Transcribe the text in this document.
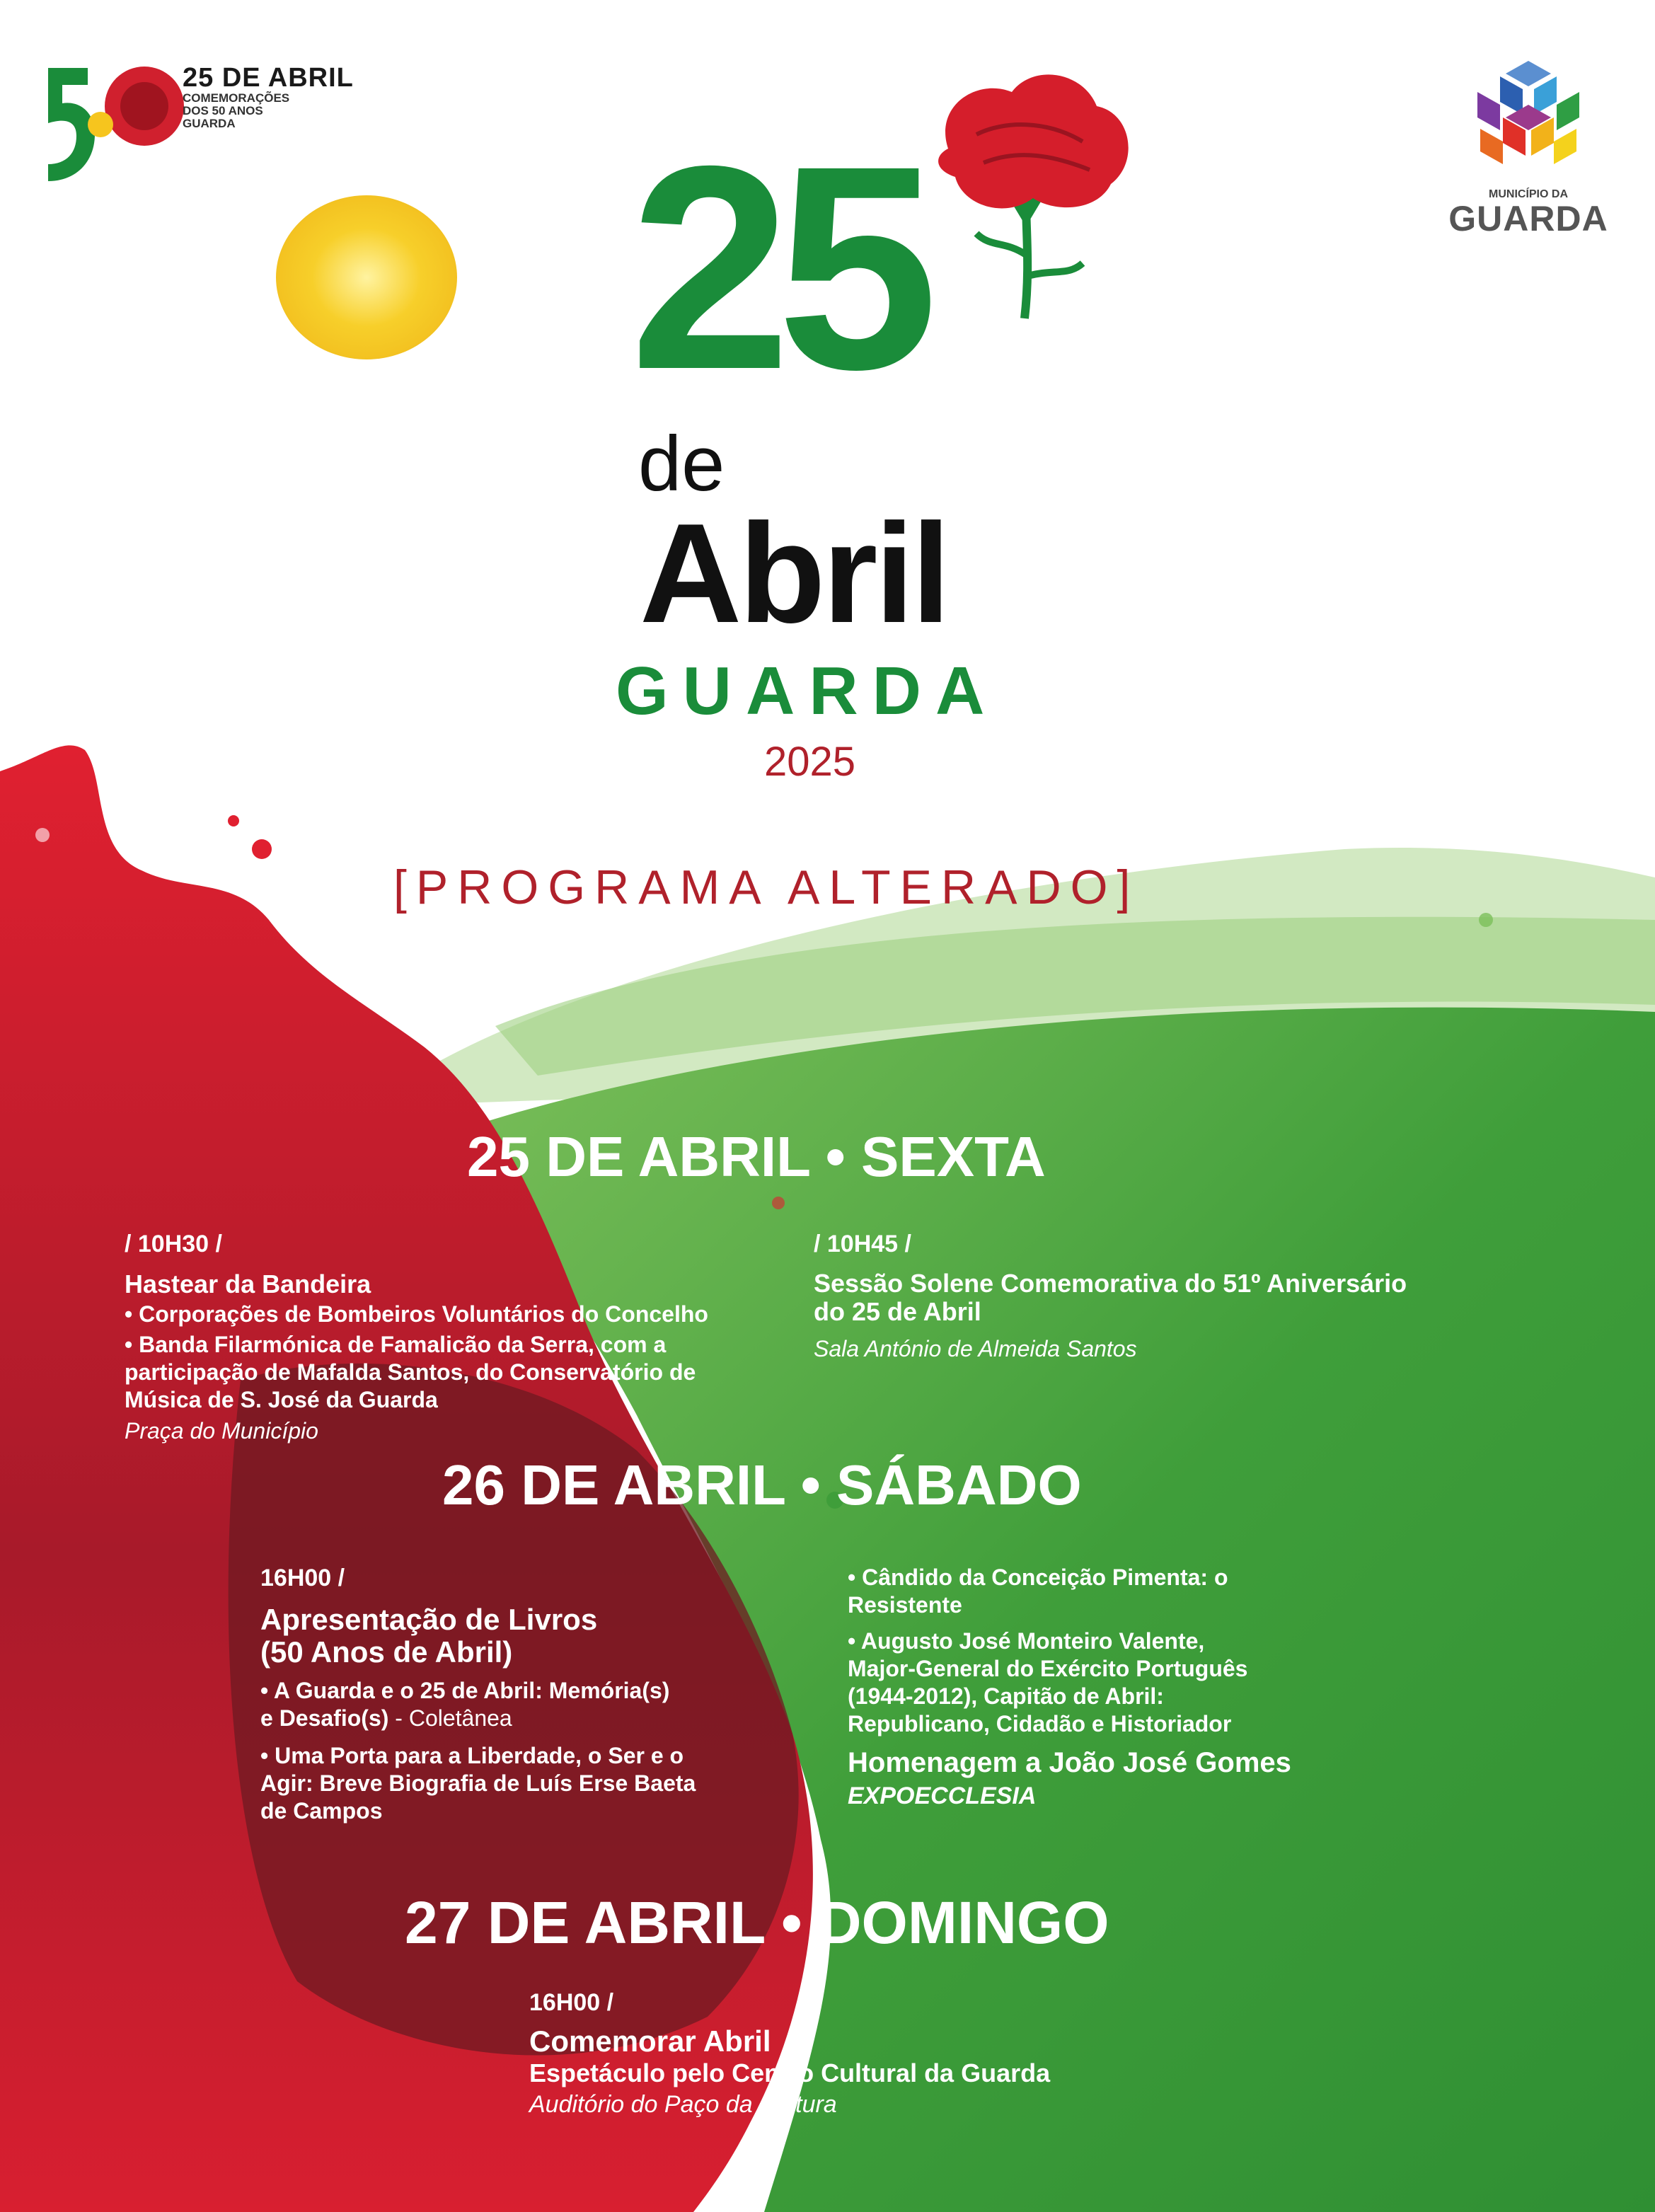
25 DE ABRIL
COMEMORAÇÕES
DOS 50 ANOS
GUARDA
MUNICÍPIO DA
GUARDA
25
de
Abril
GUARDA
2025
[PROGRAMA ALTERADO]
25 DE ABRIL • SEXTA
/ 10H30 /
Hastear da Bandeira
• Corporações de Bombeiros Voluntários do Concelho
• Banda Filarmónica de Famalicão da Serra, com a
participação de Mafalda Santos, do Conservatório de
Música de S. José da Guarda
Praça do Município
/ 10H45 /
Sessão Solene Comemorativa do 51º Aniversário
do 25 de Abril
Sala António de Almeida Santos
26 DE ABRIL • SÁBADO
16H00 /
Apresentação de Livros
(50 Anos de Abril)
• A Guarda e o 25 de Abril: Memória(s)
e Desafio(s) - Coletânea
• Uma Porta para a Liberdade, o Ser e o
Agir: Breve Biografia de Luís Erse Baeta
de Campos
• Cândido da Conceição Pimenta: o
Resistente
• Augusto José Monteiro Valente,
Major-General do Exército Português
(1944-2012), Capitão de Abril:
Republicano, Cidadão e Historiador
Homenagem a João José Gomes
EXPOECCLESIA
27 DE ABRIL • DOMINGO
16H00 /
Comemorar Abril
Espetáculo pelo Centro Cultural da Guarda
Auditório do Paço da Cultura
